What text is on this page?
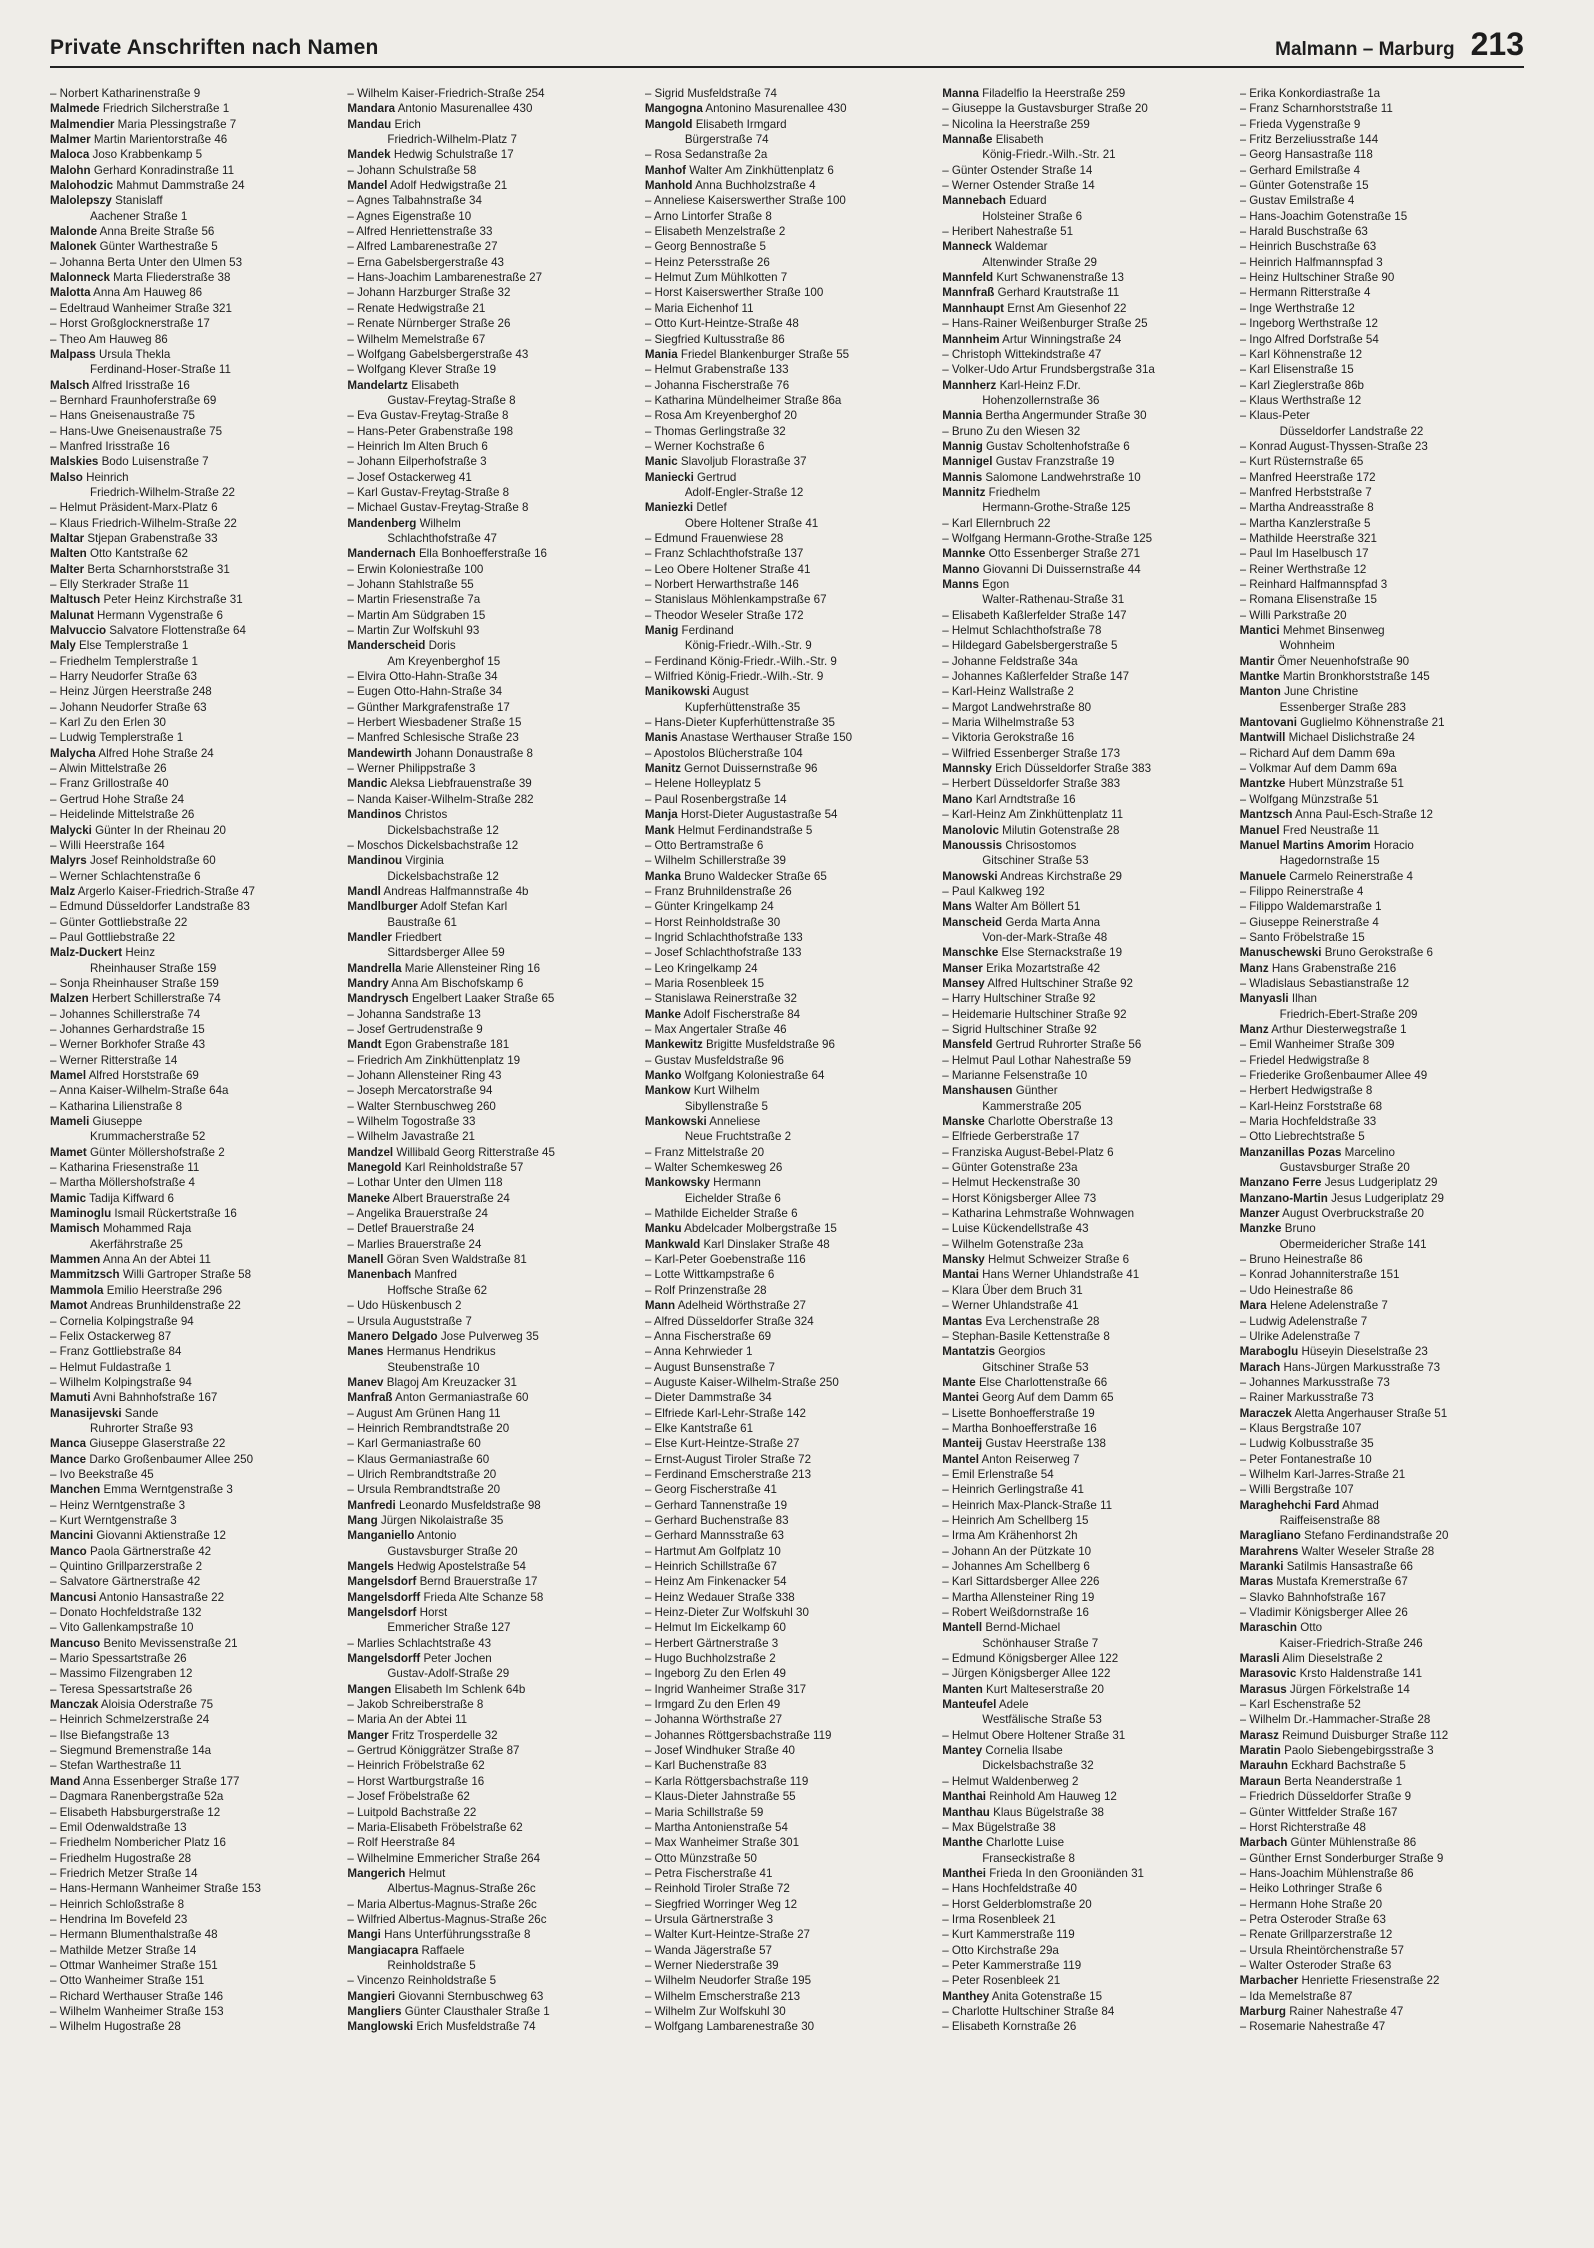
Private Anschriften nach Namen	Malmann – Marburg 213
– Norbert Katharinenstraße 9
Malmede Friedrich Silcherstraße 1
Malmendier Maria Plessingstraße 7
Malmer Martin Marientorstraße 46
Maloca Joso Krabbenkamp 5
Malohn Gerhard Konradinstraße 11
Malohodzic Mahmut Dammstraße 24
Malolepszy Stanislaff
Aachener Straße 1
Malonde Anna Breite Straße 56
Malonek Günter Warthestraße 5
– Johanna Berta Unter den Ulmen 53
Malonneck Marta Fliederstraße 38
Malotta Anna Am Hauweg 86
– Edeltraud Wanheimer Straße 321
– Horst Großglocknerstraße 17
– Theo Am Hauweg 86
Malpass Ursula Thekla
Ferdinand-Hoser-Straße 11
Malsch Alfred Irisstraße 16
– Bernhard Fraunhoferstraße 69
– Hans Gneisenaustraße 75
– Hans-Uwe Gneisenaustraße 75
– Manfred Irisstraße 16
Malskies Bodo Luisenstraße 7
Malso Heinrich
Friedrich-Wilhelm-Straße 22
– Helmut Präsident-Marx-Platz 6
– Klaus Friedrich-Wilhelm-Straße 22
Maltar Stjepan Grabenstraße 33
Malten Otto Kantstraße 62
Malter Berta Scharnhorststraße 31
– Elly Sterkrader Straße 11
Maltusch Peter Heinz Kirchstraße 31
Malunat Hermann Vygenstraße 6
Malvuccio Salvatore Flottenstraße 64
Maly Else Templerstraße 1
– Friedhelm Templerstraße 1
– Harry Neudorfer Straße 63
– Heinz Jürgen Heerstraße 248
– Johann Neudorfer Straße 63
– Karl Zu den Erlen 30
– Ludwig Templerstraße 1
Malycha Alfred Hohe Straße 24
– Alwin Mittelstraße 26
– Franz Grillostraße 40
– Gertrud Hohe Straße 24
– Heidelinde Mittelstraße 26
Malycki Günter In der Rheinau 20
– Willi Heerstraße 164
Malyrs Josef Reinholdstraße 60
– Werner Schlachtenstraße 6
Malz Argerlo Kaiser-Friedrich-Straße 47
– Edmund Düsseldorfer Landstraße 83
– Günter Gottliebstraße 22
– Paul Gottliebstraße 22
Malz-Duckert Heinz
Rheinhauser Straße 159
– Sonja Rheinhauser Straße 159
Malzen Herbert Schillerstraße 74
– Johannes Schillerstraße 74
– Johannes Gerhardstraße 15
– Werner Borkhofer Straße 43
– Werner Ritterstraße 14
Mamel Alfred Horststraße 69
– Anna Kaiser-Wilhelm-Straße 64a
– Katharina Lilienstraße 8
Mameli Giuseppe
Krummacherstraße 52
Mamet Günter Möllershofstraße 2
– Katharina Friesenstraße 11
– Martha Möllershofstraße 4
Mamic Tadija Kiffward 6
Maminoglu Ismail Rückertstraße 16
Mamisch Mohammed Raja
Akerfährstraße 25
Mammen Anna An der Abtei 11
Mammitzsch Willi Gartroper Straße 58
Mammola Emilio Heerstraße 296
Mamot Andreas Brunhildenstraße 22
– Cornelia Kolpingstraße 94
– Felix Ostackerweg 87
– Franz Gottliebstraße 84
– Helmut Fuldastraße 1
– Wilhelm Kolpingstraße 94
Mamuti Avni Bahnhofstraße 167
Manasijevski Sande
Ruhrorter Straße 93
Manca Giuseppe Glaserstraße 22
Mance Darko Großenbaumer Allee 250
– Ivo Beekstraße 45
Manchen Emma Werntgenstraße 3
– Heinz Werntgenstraße 3
– Kurt Werntgenstraße 3
Mancini Giovanni Aktienstraße 12
Manco Paola Gärtnerstraße 42
– Quintino Grillparzerstraße 2
– Salvatore Gärtnerstraße 42
Mancusi Antonio Hansastraße 22
– Donato Hochfeldstraße 132
– Vito Gallenkampstraße 10
Mancuso Benito Mevissenstraße 21
– Mario Spessartstraße 26
– Massimo Filzengraben 12
– Teresa Spessartstraße 26
Manczak Aloisia Oderstraße 75
– Heinrich Schmelzerstraße 24
– Ilse Biefangstraße 13
– Siegmund Bremenstraße 14a
– Stefan Warthestraße 11
Mand Anna Essenberger Straße 177
– Dagmara Ranenbergstraße 52a
– Elisabeth Habsburgerstraße 12
– Emil Odenwaldstraße 13
– Friedhelm Nombericher Platz 16
– Friedhelm Hugostraße 28
– Friedrich Metzer Straße 14
– Hans-Hermann Wanheimer Straße 153
– Heinrich Schloßstraße 8
– Hendrina Im Bovefeld 23
– Hermann Blumenthalstraße 48
– Mathilde Metzer Straße 14
– Ottmar Wanheimer Straße 151
– Otto Wanheimer Straße 151
– Richard Werthauser Straße 146
– Wilhelm Wanheimer Straße 153
– Wilhelm Hugostraße 28
– Wilhelm Kaiser-Friedrich-Straße 254
Mandara Antonio Masurenallee 430
Mandau Erich
Friedrich-Wilhelm-Platz 7
Mandek Hedwig Schulstraße 17
– Johann Schulstraße 58
Mandel Adolf Hedwigstraße 21
– Agnes Talbahnstraße 34
– Agnes Eigenstraße 10
– Alfred Henriettenstraße 33
– Alfred Lambarenestraße 27
– Erna Gabelsbergerstraße 43
– Hans-Joachim Lambarenestraße 27
– Johann Harzburger Straße 32
– Renate Hedwigstraße 21
– Renate Nürnberger Straße 26
– Wilhelm Memelstraße 67
– Wolfgang Gabelsbergerstraße 43
– Wolfgang Klever Straße 19
Mandelartz Elisabeth
Gustav-Freytag-Straße 8
– Eva Gustav-Freytag-Straße 8
– Hans-Peter Grabenstraße 198
– Heinrich Im Alten Bruch 6
– Johann Eilperhofstraße 3
– Josef Ostackerweg 41
– Karl Gustav-Freytag-Straße 8
– Michael Gustav-Freytag-Straße 8
Mandenberg Wilhelm
Schlachthofstraße 47
Mandernach Ella Bonhoefferstraße 16
– Erwin Koloniestraße 100
– Johann Stahlstraße 55
– Martin Friesenstraße 7a
– Martin Am Südgraben 15
– Martin Zur Wolfskuhl 93
Manderscheid Doris
Am Kreyenberghof 15
– Elvira Otto-Hahn-Straße 34
– Eugen Otto-Hahn-Straße 34
– Günther Markgrafenstraße 17
– Herbert Wiesbadener Straße 15
– Manfred Schlesische Straße 23
Mandewirth Johann Donaustraße 8
– Werner Philippstraße 3
Mandic Aleksa Liebfrauenstraße 39
– Nanda Kaiser-Wilhelm-Straße 282
Mandinos Christos
Dickelsbachstraße 12
– Moschos Dickelsbachstraße 12
Mandinou Virginia
Dickelsbachstraße 12
Mandl Andreas Halfmannstraße 4b
Mandlburger Adolf Stefan Karl
Baustraße 61
Mandler Friedbert
Sittardsberger Allee 59
Mandrella Marie Allensteiner Ring 16
Mandry Anna Am Bischofskamp 6
Mandrysch Engelbert Laaker Straße 65
– Johanna Sandstraße 13
– Josef Gertrudenstraße 9
Mandt Egon Grabenstraße 181
– Friedrich Am Zinkhüttenplatz 19
– Johann Allensteiner Ring 43
– Joseph Mercatorstraße 94
– Walter Sternbuschweg 260
– Wilhelm Togostraße 33
– Wilhelm Javastraße 21
Mandzel Willibald Georg Ritterstraße 45
Manegold Karl Reinholdstraße 57
– Lothar Unter den Ulmen 118
Maneke Albert Brauerstraße 24
– Angelika Brauerstraße 24
– Detlef Brauerstraße 24
– Marlies Brauerstraße 24
Manell Göran Sven Waldstraße 81
Manenbach Manfred
Hoffsche Straße 62
– Udo Hüskenbusch 2
– Ursula Auguststraße 7
Manero Delgado Jose Pulverweg 35
Manes Hermanus Hendrikus
Steubenstraße 10
Manev Blagoj Am Kreuzacker 31
Manfraß Anton Germaniastraße 60
– August Am Grünen Hang 11
– Heinrich Rembrandtstraße 20
– Karl Germaniastraße 60
– Klaus Germaniastraße 60
– Ulrich Rembrandtstraße 20
– Ursula Rembrandtstraße 20
Manfredi Leonardo Musfeldstraße 98
Mang Jürgen Nikolaistraße 35
Manganiello Antonio
Gustavsburger Straße 20
Mangels Hedwig Apostelstraße 54
Mangelsdorf Bernd Brauerstraße 17
Mangelsdorff Frieda Alte Schanze 58
Mangelsdorf Horst
Emmericher Straße 127
– Marlies Schlachtstraße 43
Mangelsdorff Peter Jochen
Gustav-Adolf-Straße 29
Mangen Elisabeth Im Schlenk 64b
– Jakob Schreiberstraße 8
– Maria An der Abtei 11
Manger Fritz Trosperdelle 32
– Gertrud Königgrätzer Straße 87
– Heinrich Fröbelstraße 62
– Horst Wartburgstraße 16
– Josef Fröbelstraße 62
– Luitpold Bachstraße 22
– Maria-Elisabeth Fröbelstraße 62
– Rolf Heerstraße 84
– Wilhelmine Emmericher Straße 264
Mangerich Helmut
Albertus-Magnus-Straße 26c
– Maria Albertus-Magnus-Straße 26c
– Wilfried Albertus-Magnus-Straße 26c
Mangi Hans Unterführungsstraße 8
Mangiacapra Raffaele
Reinholdstraße 5
– Vincenzo Reinholdstraße 5
Mangieri Giovanni Sternbuschweg 63
Mangliers Günter Clausthaler Straße 1
Manglowski Erich Musfeldstraße 74
– Sigrid Musfeldstraße 74
Mangogna Antonino Masurenallee 430
Mangold Elisabeth Irmgard
Bürgerstraße 74
– Rosa Sedanstraße 2a
Manhof Walter Am Zinkhüttenplatz 6
Manhold Anna Buchholzstraße 4
– Anneliese Kaiserswerther Straße 100
– Arno Lintorfer Straße 8
– Elisabeth Menzelstraße 2
– Georg Bennostraße 5
– Heinz Petersstraße 26
– Helmut Zum Mühlkotten 7
– Horst Kaiserswerther Straße 100
– Maria Eichenhof 11
– Otto Kurt-Heintze-Straße 48
– Siegfried Kultusstraße 86
Mania Friedel Blankenburger Straße 55
– Helmut Grabenstraße 133
– Johanna Fischerstraße 76
– Katharina Mündelheimer Straße 86a
– Rosa Am Kreyenberghof 20
– Thomas Gerlingstraße 32
– Werner Kochstraße 6
Manic Slavoljub Florastraße 37
Maniecki Gertrud
Adolf-Engler-Straße 12
Maniezki Detlef
Obere Holtener Straße 41
– Edmund Frauenwiese 28
– Franz Schlachthofstraße 137
– Leo Obere Holtener Straße 41
– Norbert Herwarthstraße 146
– Stanislaus Möhlenkampstraße 67
– Theodor Weseler Straße 172
Manig Ferdinand
König-Friedr.-Wilh.-Str. 9
– Ferdinand König-Friedr.-Wilh.-Str. 9
– Wilfried König-Friedr.-Wilh.-Str. 9
Manikowski August
Kupferhüttenstraße 35
– Hans-Dieter Kupferhüttenstraße 35
Manis Anastase Werthauser Straße 150
– Apostolos Blücherstraße 104
Manitz Gernot Duissernstraße 96
– Helene Holleyplatz 5
– Paul Rosenbergstraße 14
Manja Horst-Dieter Augustastraße 54
Mank Helmut Ferdinandstraße 5
– Otto Bertramstraße 6
– Wilhelm Schillerstraße 39
Manka Bruno Waldecker Straße 65
– Franz Bruhnildenstraße 26
– Günter Kringelkamp 24
– Horst Reinholdstraße 30
– Ingrid Schlachthofstraße 133
– Josef Schlachthofstraße 133
– Leo Kringelkamp 24
– Maria Rosenbleek 15
– Stanislawa Reinerstraße 32
Manke Adolf Fischerstraße 84
– Max Angertaler Straße 46
Mankewitz Brigitte Musfeldstraße 96
– Gustav Musfeldstraße 96
Manko Wolfgang Koloniestraße 64
Mankow Kurt Wilhelm
Sibyllenstraße 5
Mankowski Anneliese
Neue Fruchtstraße 2
– Franz Mittelstraße 20
– Walter Schemkesweg 26
Mankowsky Hermann
Eichelder Straße 6
– Mathilde Eichelder Straße 6
Manku Abdelcader Molbergstraße 15
Mankwald Karl Dinslaker Straße 48
– Karl-Peter Goebenstraße 116
– Lotte Wittkampstraße 6
– Rolf Prinzenstraße 28
Mann Adelheid Wörthstraße 27
– Alfred Düsseldorfer Straße 324
– Anna Fischerstraße 69
– Anna Kehrwieder 1
– August Bunsenstraße 7
– Auguste Kaiser-Wilhelm-Straße 250
– Dieter Dammstraße 34
– Elfriede Karl-Lehr-Straße 142
– Elke Kantstraße 61
– Else Kurt-Heintze-Straße 27
– Ernst-August Tiroler Straße 72
– Ferdinand Emscherstraße 213
– Georg Fischerstraße 41
– Gerhard Tannenstraße 19
– Gerhard Buchenstraße 83
– Gerhard Mannsstraße 63
– Hartmut Am Golfplatz 10
– Heinrich Schillstraße 67
– Heinz Am Finkenacker 54
– Heinz Wedauer Straße 338
– Heinz-Dieter Zur Wolfskuhl 30
– Helmut Im Eickelkamp 60
– Herbert Gärtnerstraße 3
– Hugo Buchholzstraße 2
– Ingeborg Zu den Erlen 49
– Ingrid Wanheimer Straße 317
– Irmgard Zu den Erlen 49
– Johanna Wörthstraße 27
– Johannes Röttgersbachstraße 119
– Josef Windhuker Straße 40
– Karl Buchenstraße 83
– Karla Röttgersbachstraße 119
– Klaus-Dieter Jahnstraße 55
– Maria Schillstraße 59
– Martha Antonienstraße 54
– Max Wanheimer Straße 301
– Otto Münzstraße 50
– Petra Fischerstraße 41
– Reinhold Tiroler Straße 72
– Siegfried Worringer Weg 12
– Ursula Gärtnerstraße 3
– Walter Kurt-Heintze-Straße 27
– Wanda Jägerstraße 57
– Werner Niederstraße 39
– Wilhelm Neudorfer Straße 195
– Wilhelm Emscherstraße 213
– Wilhelm Zur Wolfskuhl 30
– Wolfgang Lambarenestraße 30
Manna Filadelfio Ia Heerstraße 259
– Giuseppe Ia Gustavsburger Straße 20
– Nicolina Ia Heerstraße 259
Mannaße Elisabeth
König-Friedr.-Wilh.-Str. 21
– Günter Ostender Straße 14
– Werner Ostender Straße 14
Mannebach Eduard
Holsteiner Straße 6
– Heribert Nahestraße 51
Manneck Waldemar
Altenwinder Straße 29
Mannfeld Kurt Schwanenstraße 13
Mannfraß Gerhard Krautstraße 11
Mannhaupt Ernst Am Giesenhof 22
– Hans-Rainer Weißenburger Straße 25
Mannheim Artur Winningstraße 24
– Christoph Wittekindstraße 47
– Volker-Udo Artur Frundsbergstraße 31a
Mannherz Karl-Heinz F.Dr.
Hohenzollernstraße 36
Mannia Bertha Angermunder Straße 30
– Bruno Zu den Wiesen 32
Mannig Gustav Scholtenhofstraße 6
Mannigel Gustav Franzstraße 19
Mannis Salomone Landwehrstraße 10
Mannitz Friedhelm
Hermann-Grothe-Straße 125
– Karl Ellernbruch 22
– Wolfgang Hermann-Grothe-Straße 125
Mannke Otto Essenberger Straße 271
Manno Giovanni Di Duissernstraße 44
Manns Egon
Walter-Rathenau-Straße 31
– Elisabeth Kaßlerfelder Straße 147
– Helmut Schlachthofstraße 78
– Hildegard Gabelsbergerstraße 5
– Johanne Feldstraße 34a
– Johannes Kaßlerfelder Straße 147
– Karl-Heinz Wallstraße 2
– Margot Landwehrstraße 80
– Maria Wilhelmstraße 53
– Viktoria Gerokstraße 16
– Wilfried Essenberger Straße 173
Mannsky Erich Düsseldorfer Straße 383
– Herbert Düsseldorfer Straße 383
Mano Karl Arndtstraße 16
– Karl-Heinz Am Zinkhüttenplatz 11
Manolovic Milutin Gotenstraße 28
Manoussis Chrisostomos
Gitschiner Straße 53
Manowski Andreas Kirchstraße 29
– Paul Kalkweg 192
Mans Walter Am Böllert 51
Manscheid Gerda Marta Anna
Von-der-Mark-Straße 48
Manschke Else Sternackstraße 19
Manser Erika Mozartstraße 42
Mansey Alfred Hultschiner Straße 92
– Harry Hultschiner Straße 92
– Heidemarie Hultschiner Straße 92
– Sigrid Hultschiner Straße 92
Mansfeld Gertrud Ruhrorter Straße 56
– Helmut Paul Lothar Nahestraße 59
– Marianne Felsenstraße 10
Manshausen Günther
Kammerstraße 205
Manske Charlotte Oberstraße 13
– Elfriede Gerberstraße 17
– Franziska August-Bebel-Platz 6
– Günter Gotenstraße 23a
– Helmut Heckenstraße 30
– Horst Königsberger Allee 73
– Katharina Lehmstraße Wohnwagen
– Luise Kückendellstraße 43
– Wilhelm Gotenstraße 23a
Mansky Helmut Schweizer Straße 6
Mantai Hans Werner Uhlandstraße 41
– Klara Über dem Bruch 31
– Werner Uhlandstraße 41
Mantas Eva Lerchenstraße 28
– Stephan-Basile Kettenstraße 8
Mantatzis Georgios
Gitschiner Straße 53
Mante Else Charlottenstraße 66
Mantei Georg Auf dem Damm 65
– Lisette Bonhoefferstraße 19
– Martha Bonhoefferstraße 16
Manteij Gustav Heerstraße 138
Mantel Anton Reiserweg 7
– Emil Erlenstraße 54
– Heinrich Gerlingstraße 41
– Heinrich Max-Planck-Straße 11
– Heinrich Am Schellberg 15
– Irma Am Krähenhorst 2h
– Johann An der Pützkate 10
– Johannes Am Schellberg 6
– Karl Sittardsberger Allee 226
– Martha Allensteiner Ring 19
– Robert Weißdornstraße 16
Mantell Bernd-Michael
Schönhauser Straße 7
– Edmund Königsberger Allee 122
– Jürgen Königsberger Allee 122
Manten Kurt Malteserstraße 20
Manteufel Adele
Westfälische Straße 53
– Helmut Obere Holtener Straße 31
Mantey Cornelia Ilsabe
Dickelsbachstraße 32
– Helmut Waldenberweg 2
Manthai Reinhold Am Hauweg 12
Manthau Klaus Bügelstraße 38
– Max Bügelstraße 38
Manthe Charlotte Luise
Franseckistraße 8
Manthei Frieda In den Grooniänden 31
– Hans Hochfeldstraße 40
– Horst Gelderblomstraße 20
– Irma Rosenbleek 21
– Kurt Kammerstraße 119
– Otto Kirchstraße 29a
– Peter Kammerstraße 119
– Peter Rosenbleek 21
Manthey Anita Gotenstraße 15
– Charlotte Hultschiner Straße 84
– Elisabeth Kornstraße 26
– Erika Konkordiastraße 1a
– Franz Scharnhorststraße 11
– Frieda Vygenstraße 9
– Fritz Berzeliusstraße 144
– Georg Hansastraße 118
– Gerhard Emilstraße 4
– Günter Gotenstraße 15
– Gustav Emilstraße 4
– Hans-Joachim Gotenstraße 15
– Harald Buschstraße 63
– Heinrich Buschstraße 63
– Heinrich Halfmannspfad 3
– Heinz Hultschiner Straße 90
– Hermann Ritterstraße 4
– Inge Werthstraße 12
– Ingeborg Werthstraße 12
– Ingo Alfred Dorfstraße 54
– Karl Köhnenstraße 12
– Karl Elisenstraße 15
– Karl Zieglerstraße 86b
– Klaus Werthstraße 12
– Klaus-Peter
Düsseldorfer Landstraße 22
– Konrad August-Thyssen-Straße 23
– Kurt Rüsternstraße 65
– Manfred Heerstraße 172
– Manfred Herbststraße 7
– Martha Andreasstraße 8
– Martha Kanzlerstraße 5
– Mathilde Heerstraße 321
– Paul Im Haselbusch 17
– Reiner Werthstraße 12
– Reinhard Halfmannspfad 3
– Romana Elisenstraße 15
– Willi Parkstraße 20
Mantici Mehmet Binsenweg
Wohnheim
Mantir Ömer Neuenhofstraße 90
Mantke Martin Bronkhorststraße 145
Manton June Christine
Essenberger Straße 283
Mantovani Guglielmo Köhnenstraße 21
Mantwill Michael Dislichstraße 24
– Richard Auf dem Damm 69a
– Volkmar Auf dem Damm 69a
Mantzke Hubert Münzstraße 51
– Wolfgang Münzstraße 51
Mantzsch Anna Paul-Esch-Straße 12
Manuel Fred Neustraße 11
Manuel Martins Amorim Horacio
Hagedornstraße 15
Manuele Carmelo Reinerstraße 4
– Filippo Reinerstraße 4
– Filippo Waldemarstraße 1
– Giuseppe Reinerstraße 4
– Santo Fröbelstraße 15
Manuschewski Bruno Gerokstraße 6
Manz Hans Grabenstraße 216
– Wladislaus Sebastianstraße 12
Manyasli Ilhan
Friedrich-Ebert-Straße 209
Manz Arthur Diesterwegstraße 1
– Emil Wanheimer Straße 309
– Friedel Hedwigstraße 8
– Friederike Großenbaumer Allee 49
– Herbert Hedwigstraße 8
– Karl-Heinz Forststraße 68
– Maria Hochfeldstraße 33
– Otto Liebrechtstraße 5
Manzanillas Pozas Marcelino
Gustavsburger Straße 20
Manzano Ferre Jesus Ludgeriplatz 29
Manzano-Martin Jesus Ludgeriplatz 29
Manzer August Overbruckstraße 20
Manzke Bruno
Obermeidericher Straße 141
– Bruno Heinestraße 86
– Konrad Johanniterstraße 151
– Udo Heinestraße 86
Mara Helene Adelenstraße 7
– Ludwig Adelenstraße 7
– Ulrike Adelenstraße 7
Maraboglu Hüseyin Dieselstraße 23
Marach Hans-Jürgen Markusstraße 73
– Johannes Markusstraße 73
– Rainer Markusstraße 73
Maraczek Aletta Angerhauser Straße 51
– Klaus Bergstraße 107
– Ludwig Kolbusstraße 35
– Peter Fontanestraße 10
– Wilhelm Karl-Jarres-Straße 21
– Willi Bergstraße 107
Maraghehchi Fard Ahmad
Raiffeisenstraße 88
Maragliano Stefano Ferdinandstraße 20
Marahrens Walter Weseler Straße 28
Maranki Satilmis Hansastraße 66
Maras Mustafa Kremerstraße 67
– Slavko Bahnhofstraße 167
– Vladimir Königsberger Allee 26
Maraschin Otto
Kaiser-Friedrich-Straße 246
Marasli Alim Dieselstraße 2
Marasovic Krsto Haldenstraße 141
Marasus Jürgen Förkelstraße 14
– Karl Eschenstraße 52
– Wilhelm Dr.-Hammacher-Straße 28
Marasz Reimund Duisburger Straße 112
Maratin Paolo Siebengebirgsstraße 3
Marauhn Eckhard Bachstraße 5
Maraun Berta Neanderstraße 1
– Friedrich Düsseldorfer Straße 9
– Günter Wittfelder Straße 167
– Horst Richterstraße 48
Marbach Günter Mühlenstraße 86
– Günther Ernst Sonderburger Straße 9
– Hans-Joachim Mühlenstraße 86
– Heiko Lothringer Straße 6
– Hermann Hohe Straße 20
– Petra Osteroder Straße 63
– Renate Grillparzerstraße 12
– Ursula Rheintörchenstraße 57
– Walter Osteroder Straße 63
Marbacher Henriette Friesenstraße 22
– Ida Memelstraße 87
Marburg Rainer Nahestraße 47
– Rosemarie Nahestraße 47
